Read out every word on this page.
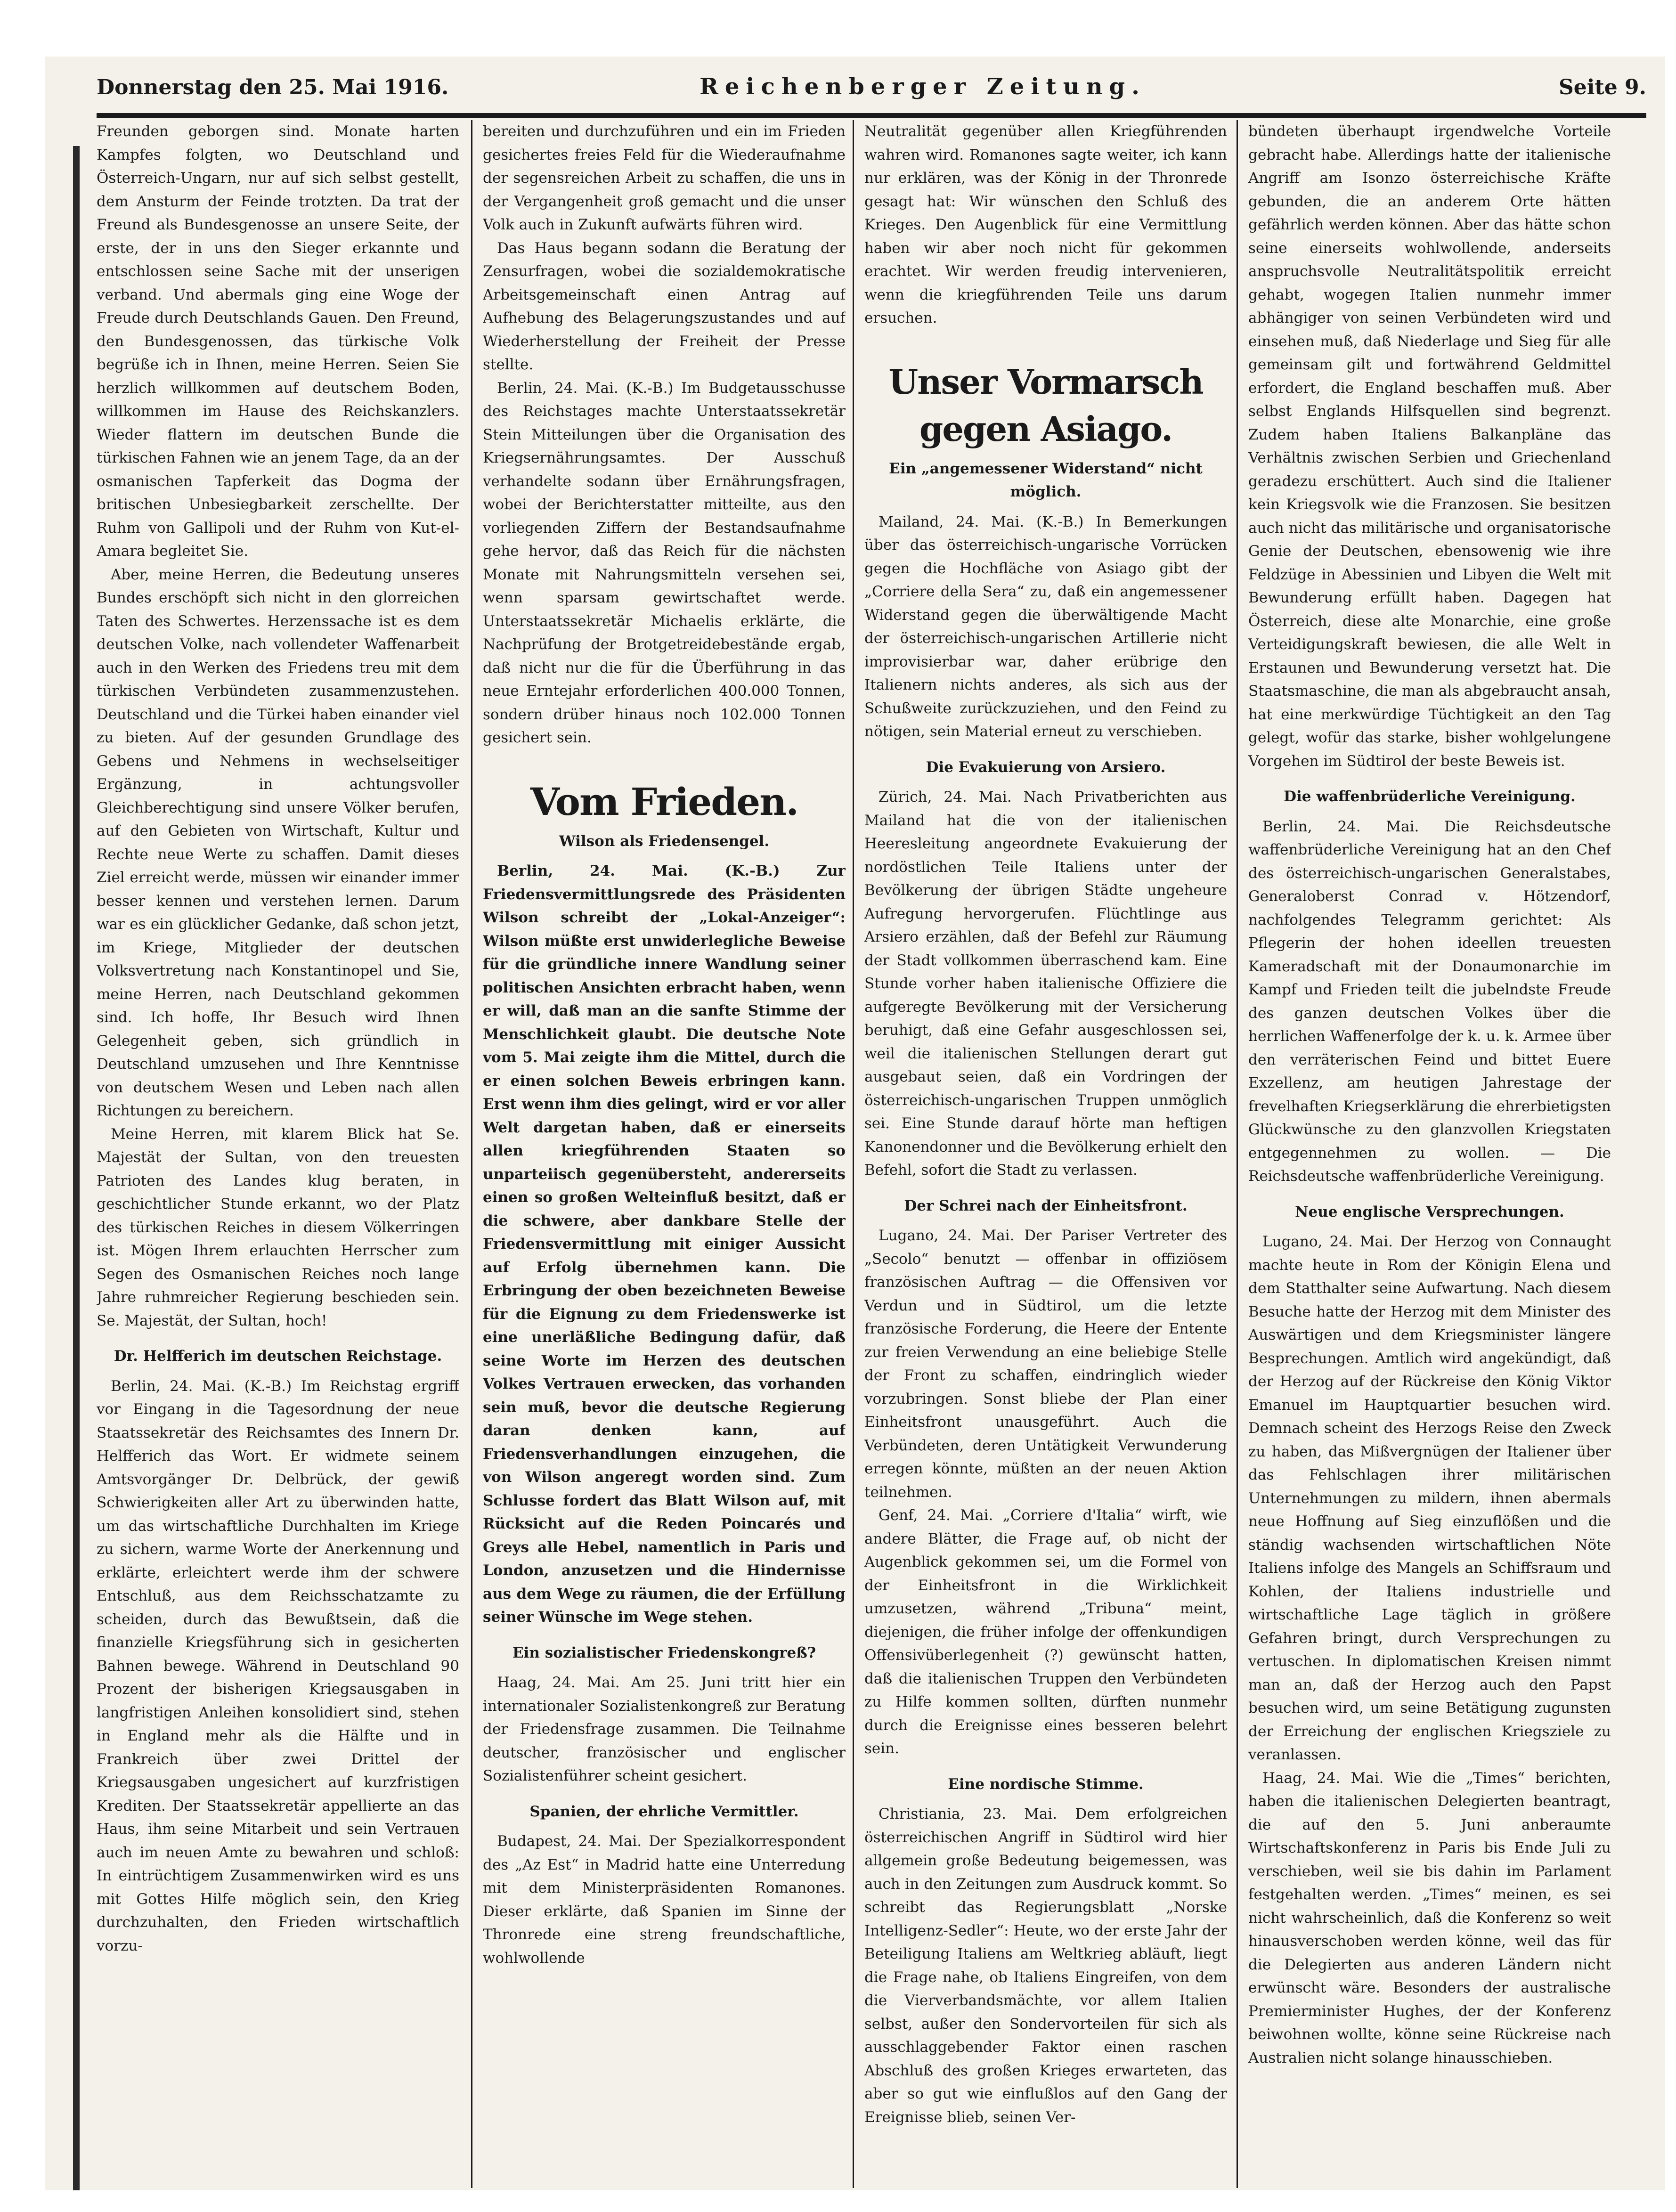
Donnerstag den 25. Mai 1916.	Reichenberger Zeitung.	Seite 9.

Freunden geborgen sind. Monate harten Kampfes folgten, wo Deutschland und Österreich-Ungarn, nur auf sich selbst gestellt, dem Ansturm der Feinde trotzten. Da trat der Freund als Bundesgenosse an unsere Seite, der erste, der in uns den Sieger erkannte und entschlossen seine Sache mit der unserigen verband. Und abermals ging eine Woge der Freude durch Deutschlands Gauen. Den Freund, den Bundesgenossen, das türkische Volk begrüße ich in Ihnen, meine Herren. Seien Sie herzlich willkommen auf deutschem Boden, willkommen im Hause des Reichskanzlers. Wieder flattern im deutschen Bunde die türkischen Fahnen wie an jenem Tage, da an der osmanischen Tapferkeit das Dogma der britischen Unbesiegbarkeit zerschellte. Der Ruhm von Gallipoli und der Ruhm von Kut-el-Amara begleitet Sie.

Aber, meine Herren, die Bedeutung unseres Bundes erschöpft sich nicht in den glorreichen Taten des Schwertes. Herzenssache ist es dem deutschen Volke, nach vollendeter Waffenarbeit auch in den Werken des Friedens treu mit dem türkischen Verbündeten zusammenzustehen. Deutschland und die Türkei haben einander viel zu bieten. Auf der gesunden Grundlage des Gebens und Nehmens in wechselseitiger Ergänzung, in achtungsvoller Gleichberechtigung sind unsere Völker berufen, auf den Gebieten von Wirtschaft, Kultur und Rechte neue Werte zu schaffen. Damit dieses Ziel erreicht werde, müssen wir einander immer besser kennen und verstehen lernen. Darum war es ein glücklicher Gedanke, daß schon jetzt, im Kriege, Mitglieder der deutschen Volksvertretung nach Konstantinopel und Sie, meine Herren, nach Deutschland gekommen sind. Ich hoffe, Ihr Besuch wird Ihnen Gelegenheit geben, sich gründlich in Deutschland umzusehen und Ihre Kenntnisse von deutschem Wesen und Leben nach allen Richtungen zu bereichern.

Meine Herren, mit klarem Blick hat Se. Majestät der Sultan, von den treuesten Patrioten des Landes klug beraten, in geschichtlicher Stunde erkannt, wo der Platz des türkischen Reiches in diesem Völkerringen ist. Mögen Ihrem erlauchten Herrscher zum Segen des Osmanischen Reiches noch lange Jahre ruhmreicher Regierung beschieden sein. Se. Majestät, der Sultan, hoch!

Dr. Helfferich im deutschen Reichstage.

Berlin, 24. Mai. (K.-B.) Im Reichstag ergriff vor Eingang in die Tagesordnung der neue Staatssekretär des Reichsamtes des Innern Dr. Helfferich das Wort. Er widmete seinem Amtsvorgänger Dr. Delbrück, der gewiß Schwierigkeiten aller Art zu überwinden hatte, um das wirtschaftliche Durchhalten im Kriege zu sichern, warme Worte der Anerkennung und erklärte, erleichtert werde ihm der schwere Entschluß, aus dem Reichsschatzamte zu scheiden, durch das Bewußtsein, daß die finanzielle Kriegsführung sich in gesicherten Bahnen bewege. Während in Deutschland 90 Prozent der bisherigen Kriegsausgaben in langfristigen Anleihen konsolidiert sind, stehen in England mehr als die Hälfte und in Frankreich über zwei Drittel der Kriegsausgaben ungesichert auf kurzfristigen Krediten. Der Staatssekretär appellierte an das Haus, ihm seine Mitarbeit und sein Vertrauen auch im neuen Amte zu bewahren und schloß: In eintrüchtigem Zusammenwirken wird es uns mit Gottes Hilfe möglich sein, den Krieg durchzuhalten, den Frieden wirtschaftlich vorzu-

bereiten und durchzuführen und ein im Frieden gesichertes freies Feld für die Wiederaufnahme der segensreichen Arbeit zu schaffen, die uns in der Vergangenheit groß gemacht und die unser Volk auch in Zukunft aufwärts führen wird.

Das Haus begann sodann die Beratung der Zensurfragen, wobei die sozialdemokratische Arbeitsgemeinschaft einen Antrag auf Aufhebung des Belagerungszustandes und auf Wiederherstellung der Freiheit der Presse stellte.

Berlin, 24. Mai. (K.-B.) Im Budgetausschusse des Reichstages machte Unterstaatssekretär Stein Mitteilungen über die Organisation des Kriegsernährungsamtes. Der Ausschuß verhandelte sodann über Ernährungsfragen, wobei der Berichterstatter mitteilte, aus den vorliegenden Ziffern der Bestandsaufnahme gehe hervor, daß das Reich für die nächsten Monate mit Nahrungsmitteln versehen sei, wenn sparsam gewirtschaftet werde. Unterstaatssekretär Michaelis erklärte, die Nachprüfung der Brotgetreidebestände ergab, daß nicht nur die für die Überführung in das neue Erntejahr erforderlichen 400.000 Tonnen, sondern drüber hinaus noch 102.000 Tonnen gesichert sein.

Vom Frieden.
Wilson als Friedensengel.

Berlin, 24. Mai. (K.-B.) Zur Friedensvermittlungsrede des Präsidenten Wilson schreibt der „Lokal-Anzeiger“: Wilson müßte erst unwiderlegliche Beweise für die gründliche innere Wandlung seiner politischen Ansichten erbracht haben, wenn er will, daß man an die sanfte Stimme der Menschlichkeit glaubt. Die deutsche Note vom 5. Mai zeigte ihm die Mittel, durch die er einen solchen Beweis erbringen kann. Erst wenn ihm dies gelingt, wird er vor aller Welt dargetan haben, daß er einerseits allen kriegführenden Staaten so unparteiisch gegenübersteht, andererseits einen so großen Welteinfluß besitzt, daß er die schwere, aber dankbare Stelle der Friedensvermittlung mit einiger Aussicht auf Erfolg übernehmen kann. Die Erbringung der oben bezeichneten Beweise für die Eignung zu dem Friedenswerke ist eine unerläßliche Bedingung dafür, daß seine Worte im Herzen des deutschen Volkes Vertrauen erwecken, das vorhanden sein muß, bevor die deutsche Regierung daran denken kann, auf Friedensverhandlungen einzugehen, die von Wilson angeregt worden sind. Zum Schlusse fordert das Blatt Wilson auf, mit Rücksicht auf die Reden Poincarés und Greys alle Hebel, namentlich in Paris und London, anzusetzen und die Hindernisse aus dem Wege zu räumen, die der Erfüllung seiner Wünsche im Wege stehen.

Ein sozialistischer Friedenskongreß?

Haag, 24. Mai. Am 25. Juni tritt hier ein internationaler Sozialistenkongreß zur Beratung der Friedensfrage zusammen. Die Teilnahme deutscher, französischer und englischer Sozialistenführer scheint gesichert.

Spanien, der ehrliche Vermittler.

Budapest, 24. Mai. Der Spezialkorrespondent des „Az Est“ in Madrid hatte eine Unterredung mit dem Ministerpräsidenten Romanones. Dieser erklärte, daß Spanien im Sinne der Thronrede eine streng freundschaftliche, wohlwollende

Neutralität gegenüber allen Kriegführenden wahren wird. Romanones sagte weiter, ich kann nur erklären, was der König in der Thronrede gesagt hat: Wir wünschen den Schluß des Krieges. Den Augenblick für eine Vermittlung haben wir aber noch nicht für gekommen erachtet. Wir werden freudig intervenieren, wenn die kriegführenden Teile uns darum ersuchen.

Unser Vormarsch gegen Asiago.
Ein „angemessener Widerstand“ nicht möglich.

Mailand, 24. Mai. (K.-B.) In Bemerkungen über das österreichisch-ungarische Vorrücken gegen die Hochfläche von Asiago gibt der „Corriere della Sera“ zu, daß ein angemessener Widerstand gegen die überwältigende Macht der österreichisch-ungarischen Artillerie nicht improvisierbar war, daher erübrige den Italienern nichts anderes, als sich aus der Schußweite zurückzuziehen, und den Feind zu nötigen, sein Material erneut zu verschieben.

Die Evakuierung von Arsiero.

Zürich, 24. Mai. Nach Privatberichten aus Mailand hat die von der italienischen Heeresleitung angeordnete Evakuierung der nordöstlichen Teile Italiens unter der Bevölkerung der übrigen Städte ungeheure Aufregung hervorgerufen. Flüchtlinge aus Arsiero erzählen, daß der Befehl zur Räumung der Stadt vollkommen überraschend kam. Eine Stunde vorher haben italienische Offiziere die aufgeregte Bevölkerung mit der Versicherung beruhigt, daß eine Gefahr ausgeschlossen sei, weil die italienischen Stellungen derart gut ausgebaut seien, daß ein Vordringen der österreichisch-ungarischen Truppen unmöglich sei. Eine Stunde darauf hörte man heftigen Kanonendonner und die Bevölkerung erhielt den Befehl, sofort die Stadt zu verlassen.

Der Schrei nach der Einheitsfront.

Lugano, 24. Mai. Der Pariser Vertreter des „Secolo“ benutzt — offenbar in offiziösem französischen Auftrag — die Offensiven vor Verdun und in Südtirol, um die letzte französische Forderung, die Heere der Entente zur freien Verwendung an eine beliebige Stelle der Front zu schaffen, eindringlich wieder vorzubringen. Sonst bliebe der Plan einer Einheitsfront unausgeführt. Auch die Verbündeten, deren Untätigkeit Verwunderung erregen könnte, müßten an der neuen Aktion teilnehmen.

Genf, 24. Mai. „Corriere d'Italia“ wirft, wie andere Blätter, die Frage auf, ob nicht der Augenblick gekommen sei, um die Formel von der Einheitsfront in die Wirklichkeit umzusetzen, während „Tribuna“ meint, diejenigen, die früher infolge der offenkundigen Offensivüberlegenheit (?) gewünscht hatten, daß die italienischen Truppen den Verbündeten zu Hilfe kommen sollten, dürften nunmehr durch die Ereignisse eines besseren belehrt sein.

Eine nordische Stimme.

Christiania, 23. Mai. Dem erfolgreichen österreichischen Angriff in Südtirol wird hier allgemein große Bedeutung beigemessen, was auch in den Zeitungen zum Ausdruck kommt. So schreibt das Regierungsblatt „Norske Intelligenz-Sedler“: Heute, wo der erste Jahr der Beteiligung Italiens am Weltkrieg abläuft, liegt die Frage nahe, ob Italiens Eingreifen, von dem die Vierverbandsmächte, vor allem Italien selbst, außer den Sondervorteilen für sich als ausschlaggebender Faktor einen raschen Abschluß des großen Krieges erwarteten, das aber so gut wie einflußlos auf den Gang der Ereignisse blieb, seinen Ver-

bündeten überhaupt irgendwelche Vorteile gebracht habe. Allerdings hatte der italienische Angriff am Isonzo österreichische Kräfte gebunden, die an anderem Orte hätten gefährlich werden können. Aber das hätte schon seine einerseits wohlwollende, anderseits anspruchsvolle Neutralitätspolitik erreicht gehabt, wogegen Italien nunmehr immer abhängiger von seinen Verbündeten wird und einsehen muß, daß Niederlage und Sieg für alle gemeinsam gilt und fortwährend Geldmittel erfordert, die England beschaffen muß. Aber selbst Englands Hilfsquellen sind begrenzt. Zudem haben Italiens Balkanpläne das Verhältnis zwischen Serbien und Griechenland geradezu erschüttert. Auch sind die Italiener kein Kriegsvolk wie die Franzosen. Sie besitzen auch nicht das militärische und organisatorische Genie der Deutschen, ebensowenig wie ihre Feldzüge in Abessinien und Libyen die Welt mit Bewunderung erfüllt haben. Dagegen hat Österreich, diese alte Monarchie, eine große Verteidigungskraft bewiesen, die alle Welt in Erstaunen und Bewunderung versetzt hat. Die Staatsmaschine, die man als abgebraucht ansah, hat eine merkwürdige Tüchtigkeit an den Tag gelegt, wofür das starke, bisher wohlgelungene Vorgehen im Südtirol der beste Beweis ist.

Die waffenbrüderliche Vereinigung.

Berlin, 24. Mai. Die Reichsdeutsche waffenbrüderliche Vereinigung hat an den Chef des österreichisch-ungarischen Generalstabes, Generaloberst Conrad v. Hötzendorf, nachfolgendes Telegramm gerichtet: Als Pflegerin der hohen ideellen treuesten Kameradschaft mit der Donaumonarchie im Kampf und Frieden teilt die jubelndste Freude des ganzen deutschen Volkes über die herrlichen Waffenerfolge der k. u. k. Armee über den verräterischen Feind und bittet Euere Exzellenz, am heutigen Jahrestage der frevelhaften Kriegserklärung die ehrerbietigsten Glückwünsche zu den glanzvollen Kriegstaten entgegennehmen zu wollen. — Die Reichsdeutsche waffenbrüderliche Vereinigung.

Neue englische Versprechungen.

Lugano, 24. Mai. Der Herzog von Connaught machte heute in Rom der Königin Elena und dem Statthalter seine Aufwartung. Nach diesem Besuche hatte der Herzog mit dem Minister des Auswärtigen und dem Kriegsminister längere Besprechungen. Amtlich wird angekündigt, daß der Herzog auf der Rückreise den König Viktor Emanuel im Hauptquartier besuchen wird. Demnach scheint des Herzogs Reise den Zweck zu haben, das Mißvergnügen der Italiener über das Fehlschlagen ihrer militärischen Unternehmungen zu mildern, ihnen abermals neue Hoffnung auf Sieg einzuflößen und die ständig wachsenden wirtschaftlichen Nöte Italiens infolge des Mangels an Schiffsraum und Kohlen, der Italiens industrielle und wirtschaftliche Lage täglich in größere Gefahren bringt, durch Versprechungen zu vertuschen. In diplomatischen Kreisen nimmt man an, daß der Herzog auch den Papst besuchen wird, um seine Betätigung zugunsten der Erreichung der englischen Kriegsziele zu veranlassen.

Haag, 24. Mai. Wie die „Times“ berichten, haben die italienischen Delegierten beantragt, die auf den 5. Juni anberaumte Wirtschaftskonferenz in Paris bis Ende Juli zu verschieben, weil sie bis dahin im Parlament festgehalten werden. „Times“ meinen, es sei nicht wahrscheinlich, daß die Konferenz so weit hinausverschoben werden könne, weil das für die Delegierten aus anderen Ländern nicht erwünscht wäre. Besonders der australische Premierminister Hughes, der der Konferenz beiwohnen wollte, könne seine Rückreise nach Australien nicht solange hinausschieben.
